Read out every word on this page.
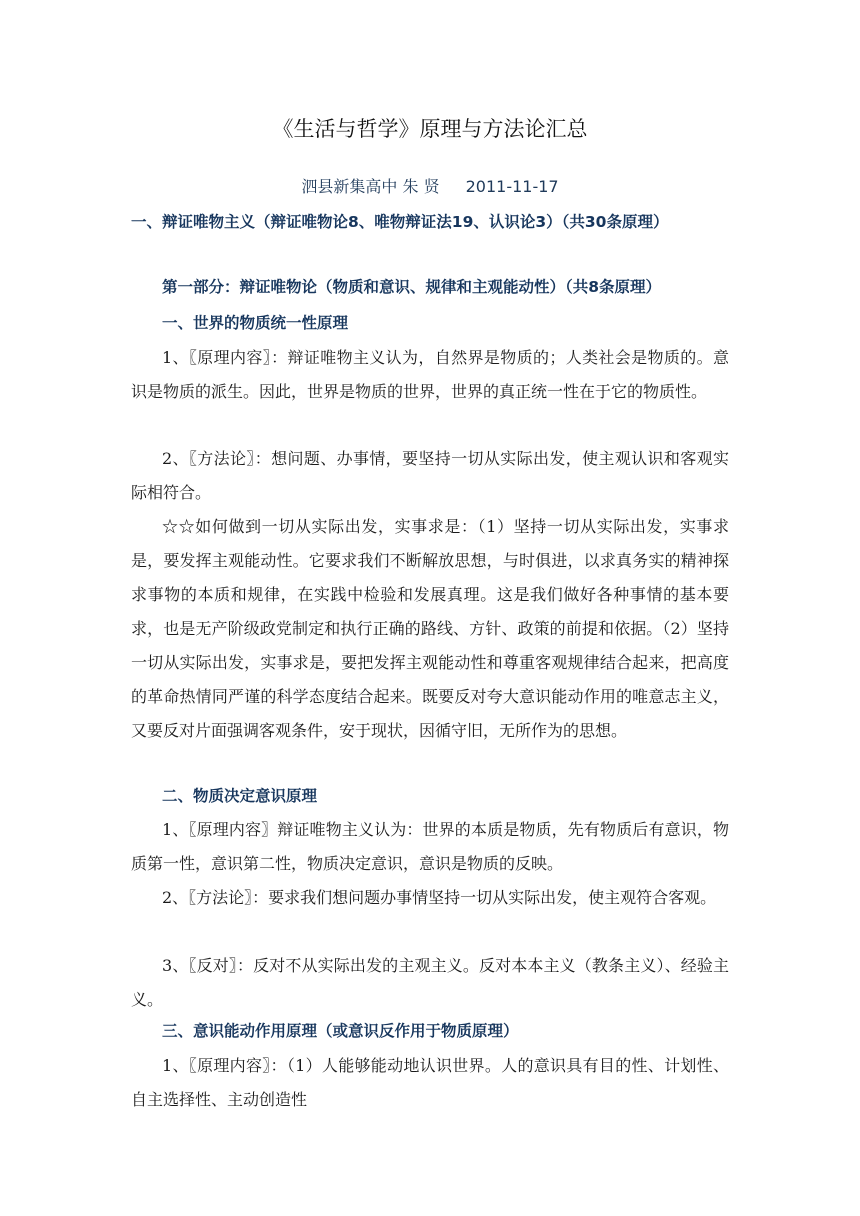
《生活与哲学》原理与方法论汇总
泗县新集高中 朱 贤 2011-11-17
一、辩证唯物主义（辩证唯物论8、唯物辩证法19、认识论3）（共30条原理）
第一部分：辩证唯物论（物质和意识、规律和主观能动性）（共8条原理）
一、世界的物质统一性原理
1、〖原理内容〗：辩证唯物主义认为，自然界是物质的；人类社会是物质的。意识是物质的派生。因此，世界是物质的世界，世界的真正统一性在于它的物质性。
2、〖方法论〗：想问题、办事情，要坚持一切从实际出发，使主观认识和客观实际相符合。
☆☆如何做到一切从实际出发，实事求是：（1）坚持一切从实际出发，实事求是，要发挥主观能动性。它要求我们不断解放思想，与时俱进，以求真务实的精神探求事物的本质和规律，在实践中检验和发展真理。这是我们做好各种事情的基本要求，也是无产阶级政党制定和执行正确的路线、方针、政策的前提和依据。（2）坚持一切从实际出发，实事求是，要把发挥主观能动性和尊重客观规律结合起来，把高度的革命热情同严谨的科学态度结合起来。既要反对夸大意识能动作用的唯意志主义，又要反对片面强调客观条件，安于现状，因循守旧，无所作为的思想。
二、物质决定意识原理
1、〖原理内容〗辩证唯物主义认为：世界的本质是物质，先有物质后有意识，物质第一性，意识第二性，物质决定意识，意识是物质的反映。
2、〖方法论〗：要求我们想问题办事情坚持一切从实际出发，使主观符合客观。
3、〖反对〗：反对不从实际出发的主观主义。反对本本主义（教条主义）、经验主义。
三、意识能动作用原理（或意识反作用于物质原理）
1、〖原理内容〗：（1）人能够能动地认识世界。人的意识具有目的性、计划性、自主选择性、主动创造性
